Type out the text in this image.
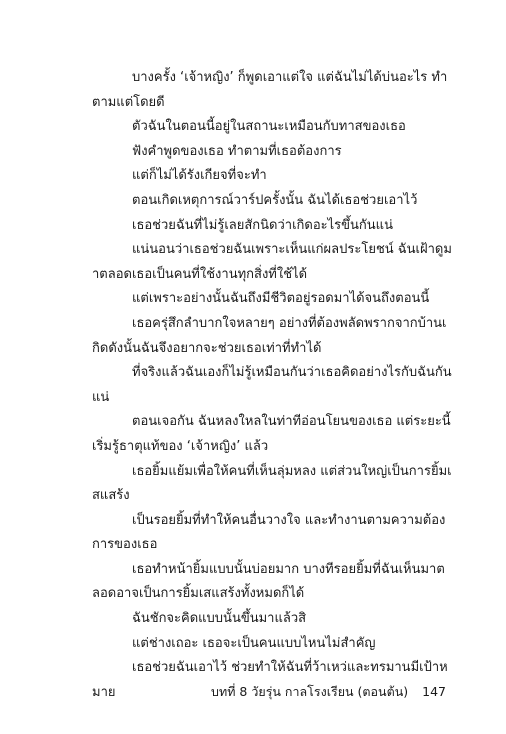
บางครั้ง ‘เจ้าหญิง’ ก็พูดเอาแต่ใจ แต่ฉันไม่ได้บ่นอะไร ทำตามแต่โดยดี

ตัวฉันในตอนนี้อยู่ในสถานะเหมือนกับทาสของเธอ

ฟังคำพูดของเธอ ทำตามที่เธอต้องการ

แต่ก็ไม่ได้รังเกียจที่จะทำ

ตอนเกิดเหตุการณ์วาร์ปครั้งนั้น ฉันได้เธอช่วยเอาไว้

เธอช่วยฉันที่ไม่รู้เลยสักนิดว่าเกิดอะไรขึ้นกันแน่

แน่นอนว่าเธอช่วยฉันเพราะเห็นแก่ผลประโยชน์ ฉันเฝ้าดูมาตลอดเธอเป็นคนที่ใช้งานทุกสิ่งที่ใช้ได้

แต่เพราะอย่างนั้นฉันถึงมีชีวิตอยู่รอดมาได้จนถึงตอนนี้

เธอครุ่สึกลำบากใจหลายๆ อย่างที่ต้องพลัดพรากจากบ้านเกิดดังนั้นฉันจึงอยากจะช่วยเธอเท่าที่ทำได้

ที่จริงแล้วฉันเองก็ไม่รู้เหมือนกันว่าเธอคิดอย่างไรกับฉันกันแน่

ตอนเจอกัน ฉันหลงใหลในท่าทีอ่อนโยนของเธอ แต่ระยะนี้เริ่มรู้ธาตุแท้ของ ‘เจ้าหญิง’ แล้ว

เธอยิ้มแย้มเพื่อให้คนที่เห็นลุ่มหลง แต่ส่วนใหญ่เป็นการยิ้มเสแสร้ง

เป็นรอยยิ้มที่ทำให้คนอื่นวางใจ และทำงานตามความต้องการของเธอ

เธอทำหน้ายิ้มแบบนั้นบ่อยมาก บางทีรอยยิ้มที่ฉันเห็นมาตลอดอาจเป็นการยิ้มเสแสร้งทั้งหมดก็ได้

ฉันชักจะคิดแบบนั้นขึ้นมาแล้วสิ

แต่ช่างเถอะ เธอจะเป็นคนแบบไหนไม่สำคัญ

เธอช่วยฉันเอาไว้ ช่วยทำให้ฉันที่ว้าเหว่และทรมานมีเป้าหมาย	บทที่ 8 วัยรุ่น กาลโรงเรียน (ตอนต้น) 147
